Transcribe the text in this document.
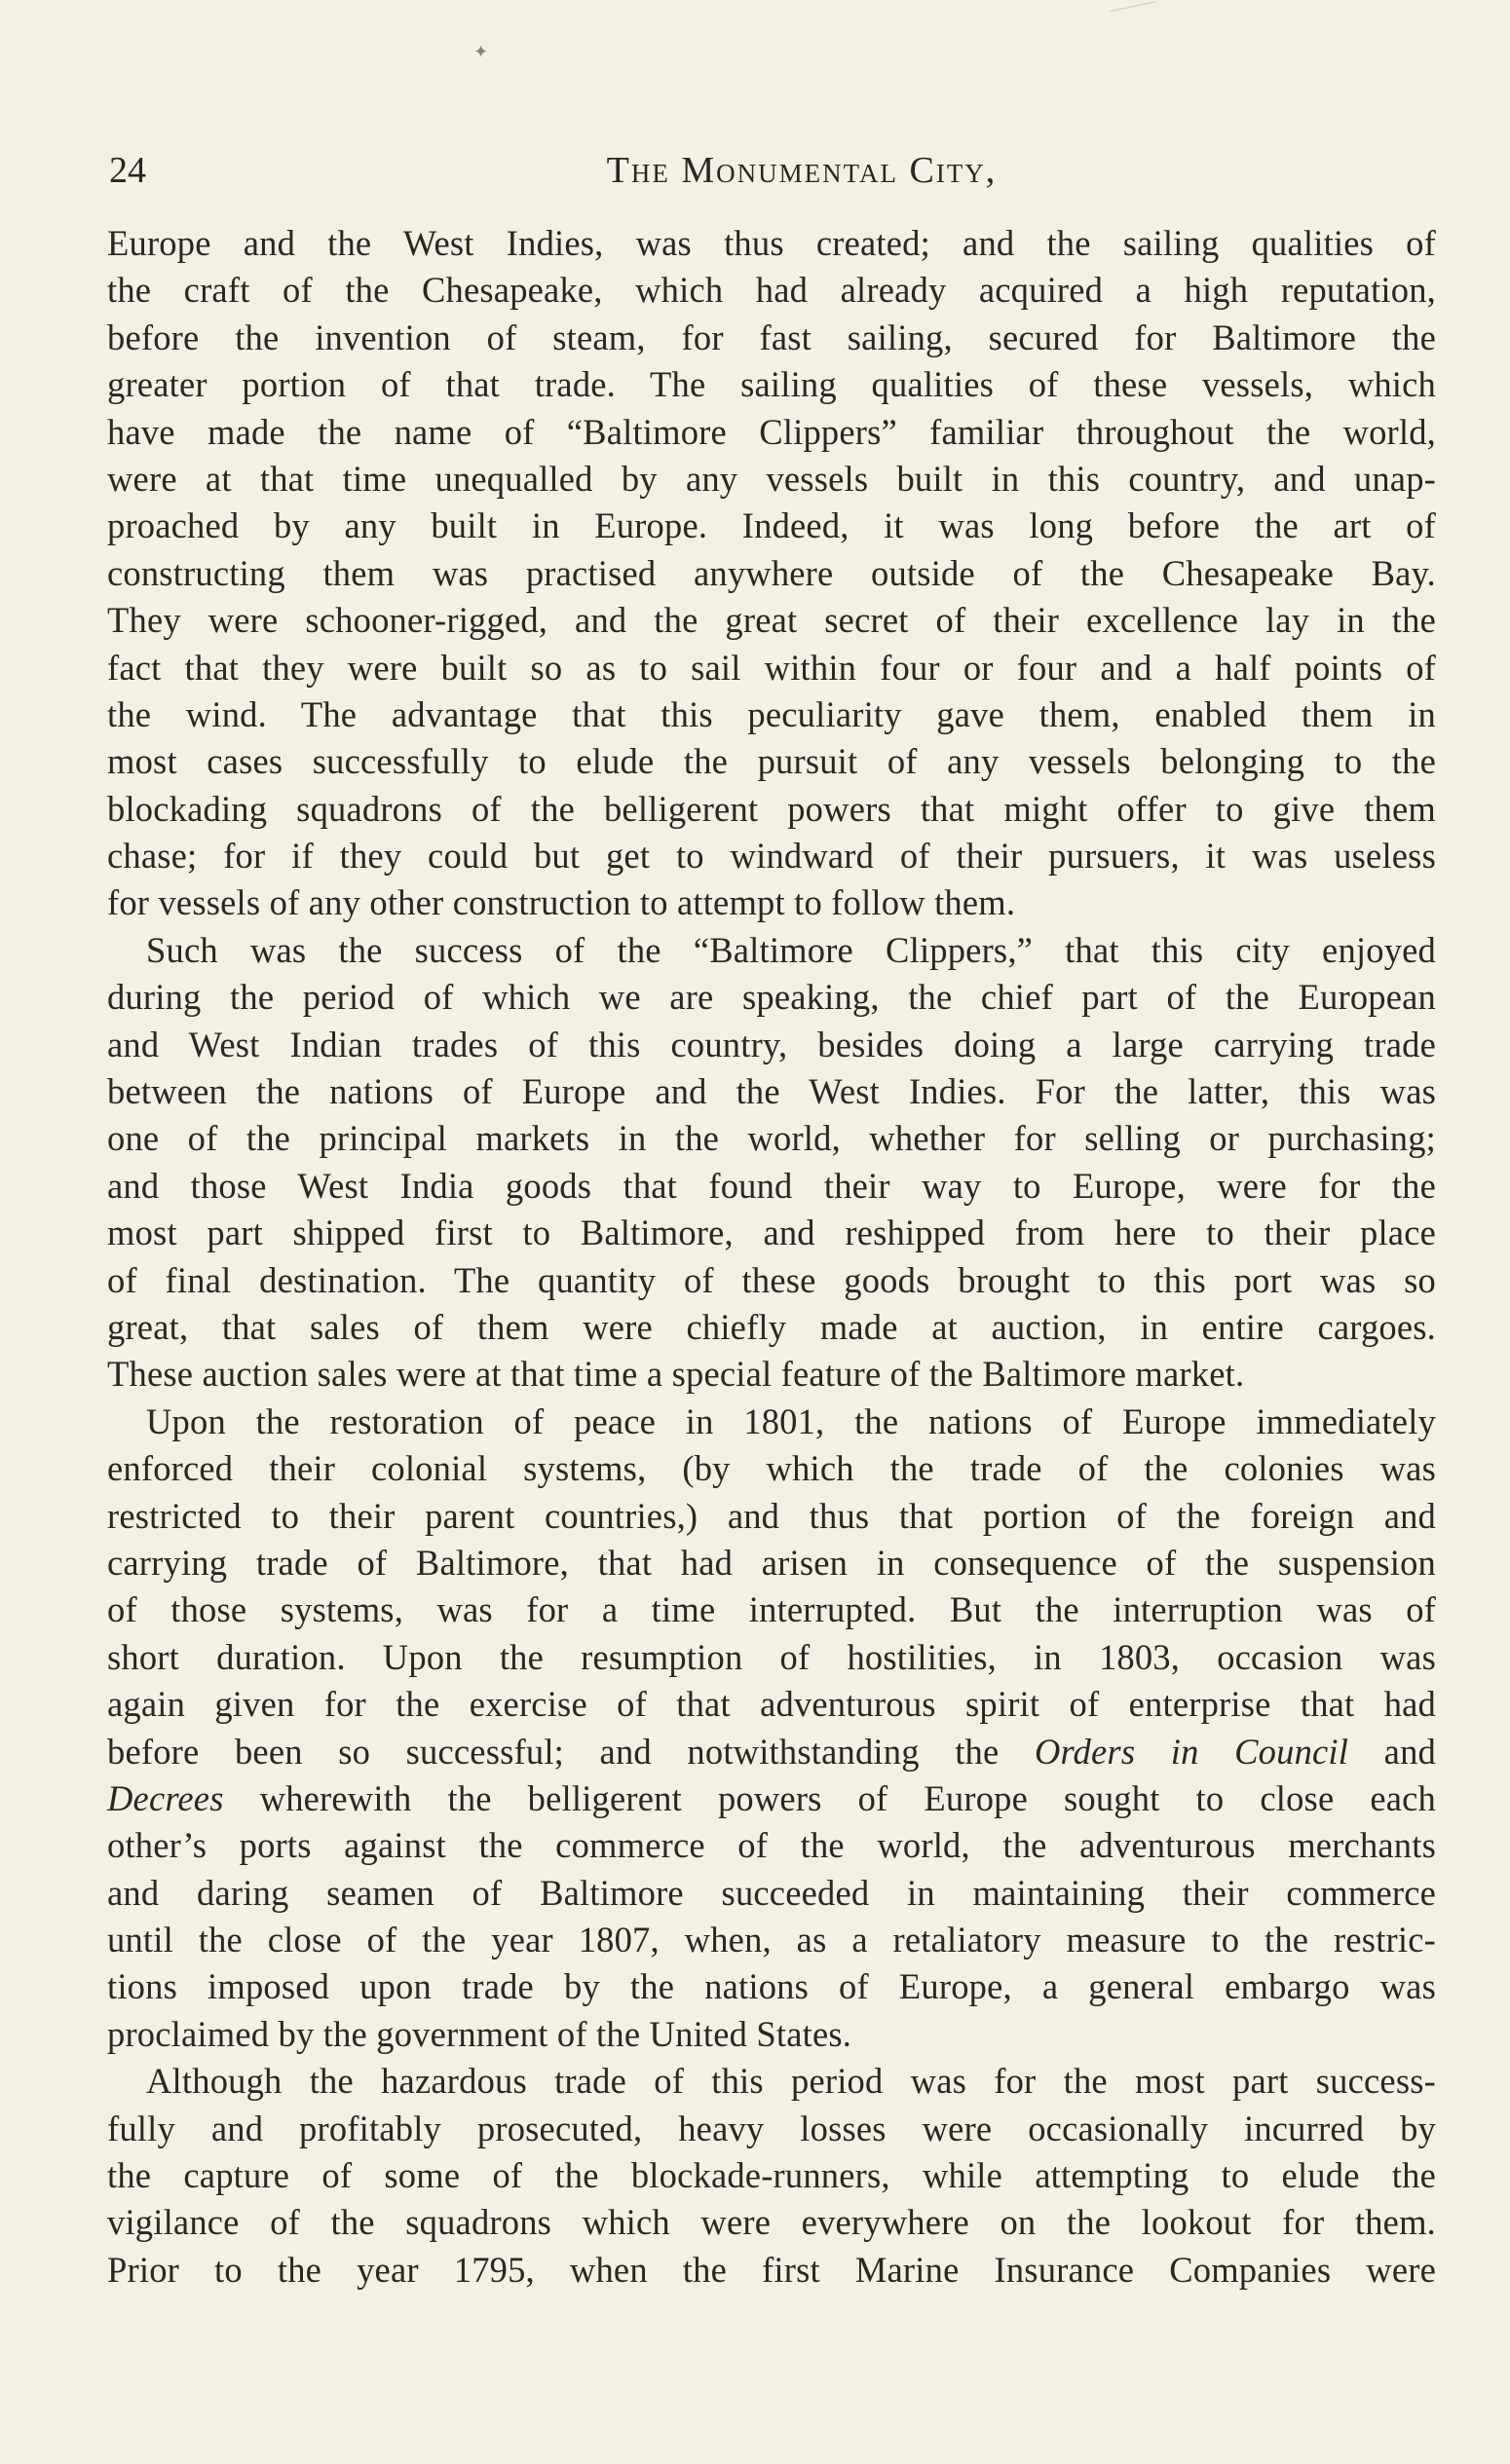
✦
24	The Monumental City,
Europe and the West Indies, was thus created; and the sailing qualities of
the craft of the Chesapeake, which had already acquired a high reputation,
before the invention of steam, for fast sailing, secured for Baltimore the
greater portion of that trade. The sailing qualities of these vessels, which
have made the name of “Baltimore Clippers” familiar throughout the world,
were at that time unequalled by any vessels built in this country, and unap-
proached by any built in Europe. Indeed, it was long before the art of
constructing them was practised anywhere outside of the Chesapeake Bay.
They were schooner-rigged, and the great secret of their excellence lay in the
fact that they were built so as to sail within four or four and a half points of
the wind. The advantage that this peculiarity gave them, enabled them in
most cases successfully to elude the pursuit of any vessels belonging to the
blockading squadrons of the belligerent powers that might offer to give them
chase; for if they could but get to windward of their pursuers, it was useless
for vessels of any other construction to attempt to follow them.
Such was the success of the “Baltimore Clippers,” that this city enjoyed
during the period of which we are speaking, the chief part of the European
and West Indian trades of this country, besides doing a large carrying trade
between the nations of Europe and the West Indies. For the latter, this was
one of the principal markets in the world, whether for selling or purchasing;
and those West India goods that found their way to Europe, were for the
most part shipped first to Baltimore, and reshipped from here to their place
of final destination. The quantity of these goods brought to this port was so
great, that sales of them were chiefly made at auction, in entire cargoes.
These auction sales were at that time a special feature of the Baltimore market.
Upon the restoration of peace in 1801, the nations of Europe immediately
enforced their colonial systems, (by which the trade of the colonies was
restricted to their parent countries,) and thus that portion of the foreign and
carrying trade of Baltimore, that had arisen in consequence of the suspension
of those systems, was for a time interrupted. But the interruption was of
short duration. Upon the resumption of hostilities, in 1803, occasion was
again given for the exercise of that adventurous spirit of enterprise that had
before been so successful; and notwithstanding the Orders in Council and
Decrees wherewith the belligerent powers of Europe sought to close each
other’s ports against the commerce of the world, the adventurous merchants
and daring seamen of Baltimore succeeded in maintaining their commerce
until the close of the year 1807, when, as a retaliatory measure to the restric-
tions imposed upon trade by the nations of Europe, a general embargo was
proclaimed by the government of the United States.
Although the hazardous trade of this period was for the most part success-
fully and profitably prosecuted, heavy losses were occasionally incurred by
the capture of some of the blockade-runners, while attempting to elude the
vigilance of the squadrons which were everywhere on the lookout for them.
Prior to the year 1795, when the first Marine Insurance Companies were
